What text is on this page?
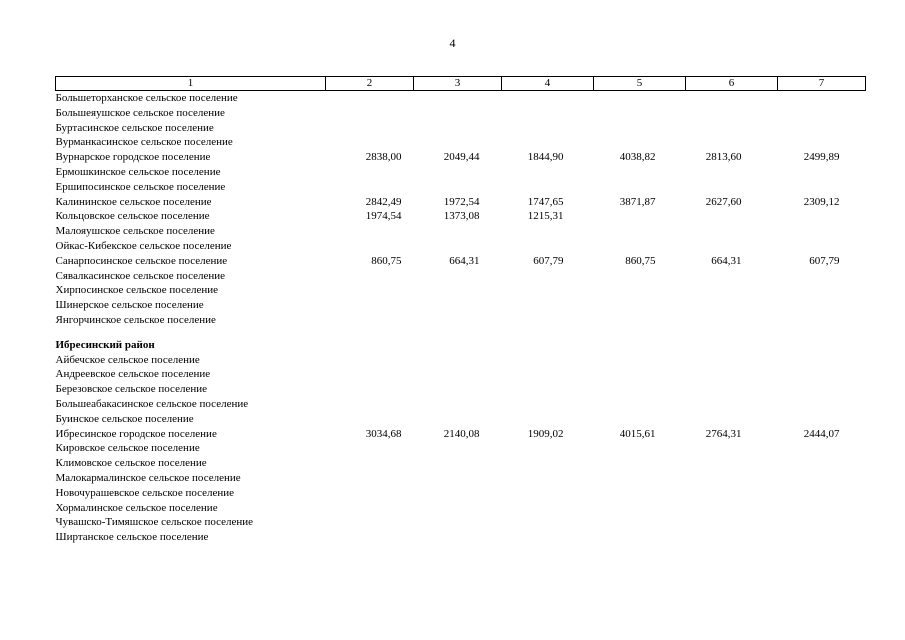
4
1	2	3	4	5	6	7
Большеторханское сельское поселение						
Большеяушское сельское поселение						
Буртасинское сельское поселение						
Вурманкасинское сельское поселение						
Вурнарское городское поселение	2838,00	2049,44	1844,90	4038,82	2813,60	2499,89
Ермошкинское сельское поселение						
Ершипосинское сельское поселение						
Калининское сельское поселение	2842,49	1972,54	1747,65	3871,87	2627,60	2309,12
Кольцовское сельское поселение	1974,54	1373,08	1215,31			
Малояушское сельское поселение						
Ойкас-Кибекское сельское поселение						
Санарпосинское сельское поселение	860,75	664,31	607,79	860,75	664,31	607,79
Сявалкасинское сельское поселение						
Хирпосинское сельское поселение						
Шинерское сельское поселение						
Янгорчинское сельское поселение						

Ибресинский район						
Айбечское сельское поселение						
Андреевское сельское поселение						
Березовское сельское поселение						
Большеабакасинское сельское поселение						
Буинское сельское поселение						
Ибресинское городское поселение	3034,68	2140,08	1909,02	4015,61	2764,31	2444,07
Кировское сельское поселение						
Климовское сельское поселение						
Малокармалинское сельское поселение						
Новочурашевское сельское поселение						
Хормалинское сельское поселение						
Чувашско-Тимяшское сельское поселение						
Ширтанское сельское поселение						
